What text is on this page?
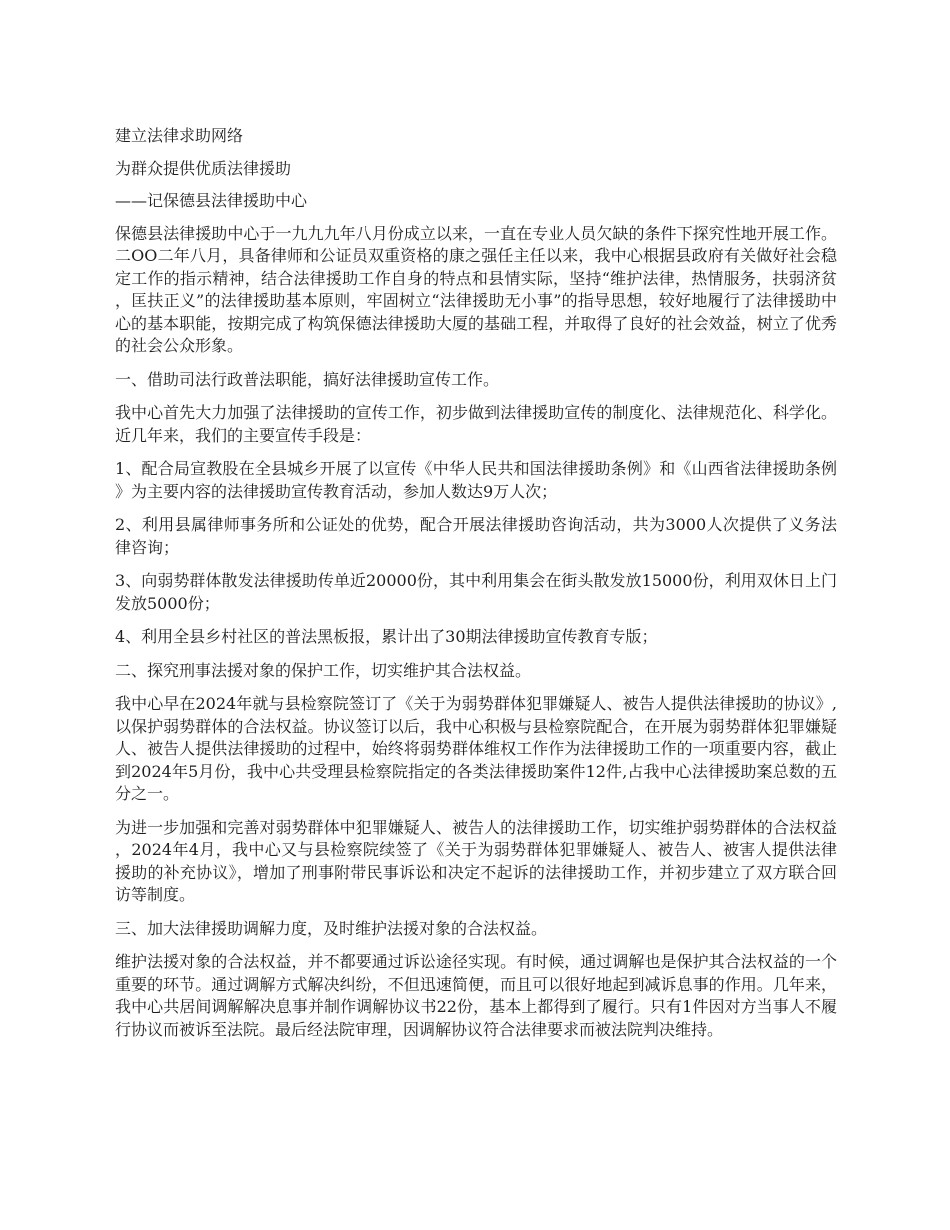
建立法律求助网络

为群众提供优质法律援助

——记保德县法律援助中心

保德县法律援助中心于一九九九年八月份成立以来，一直在专业人员欠缺的条件下探究性地开展工作。二OO二年八月，具备律师和公证员双重资格的康之强任主任以来，我中心根据县政府有关做好社会稳定工作的指示精神，结合法律援助工作自身的特点和县情实际，坚持“维护法律，热情服务，扶弱济贫，匡扶正义”的法律援助基本原则，牢固树立“法律援助无小事”的指导思想，较好地履行了法律援助中心的基本职能，按期完成了构筑保德法律援助大厦的基础工程，并取得了良好的社会效益，树立了优秀的社会公众形象。

一、借助司法行政普法职能，搞好法律援助宣传工作。

我中心首先大力加强了法律援助的宣传工作，初步做到法律援助宣传的制度化、法律规范化、科学化。近几年来，我们的主要宣传手段是：

1、配合局宣教股在全县城乡开展了以宣传《中华人民共和国法律援助条例》和《山西省法律援助条例》为主要内容的法律援助宣传教育活动，参加人数达9万人次；

2、利用县属律师事务所和公证处的优势，配合开展法律援助咨询活动，共为3000人次提供了义务法律咨询；

3、向弱势群体散发法律援助传单近20000份，其中利用集会在街头散发放15000份，利用双休日上门发放5000份；

4、利用全县乡村社区的普法黑板报，累计出了30期法律援助宣传教育专版；

二、探究刑事法援对象的保护工作，切实维护其合法权益。

我中心早在2024年就与县检察院签订了《关于为弱势群体犯罪嫌疑人、被告人提供法律援助的协议》,以保护弱势群体的合法权益。协议签订以后，我中心积极与县检察院配合，在开展为弱势群体犯罪嫌疑人、被告人提供法律援助的过程中，始终将弱势群体维权工作作为法律援助工作的一项重要内容，截止到2024年5月份，我中心共受理县检察院指定的各类法律援助案件12件,占我中心法律援助案总数的五分之一。

为进一步加强和完善对弱势群体中犯罪嫌疑人、被告人的法律援助工作，切实维护弱势群体的合法权益，2024年4月，我中心又与县检察院续签了《关于为弱势群体犯罪嫌疑人、被告人、被害人提供法律援助的补充协议》，增加了刑事附带民事诉讼和决定不起诉的法律援助工作，并初步建立了双方联合回访等制度。

三、加大法律援助调解力度，及时维护法援对象的合法权益。

维护法援对象的合法权益，并不都要通过诉讼途径实现。有时候，通过调解也是保护其合法权益的一个重要的环节。通过调解方式解决纠纷，不但迅速简便，而且可以很好地起到减诉息事的作用。几年来，我中心共居间调解解决息事并制作调解协议书22份，基本上都得到了履行。只有1件因对方当事人不履行协议而被诉至法院。最后经法院审理，因调解协议符合法律要求而被法院判决维持。
